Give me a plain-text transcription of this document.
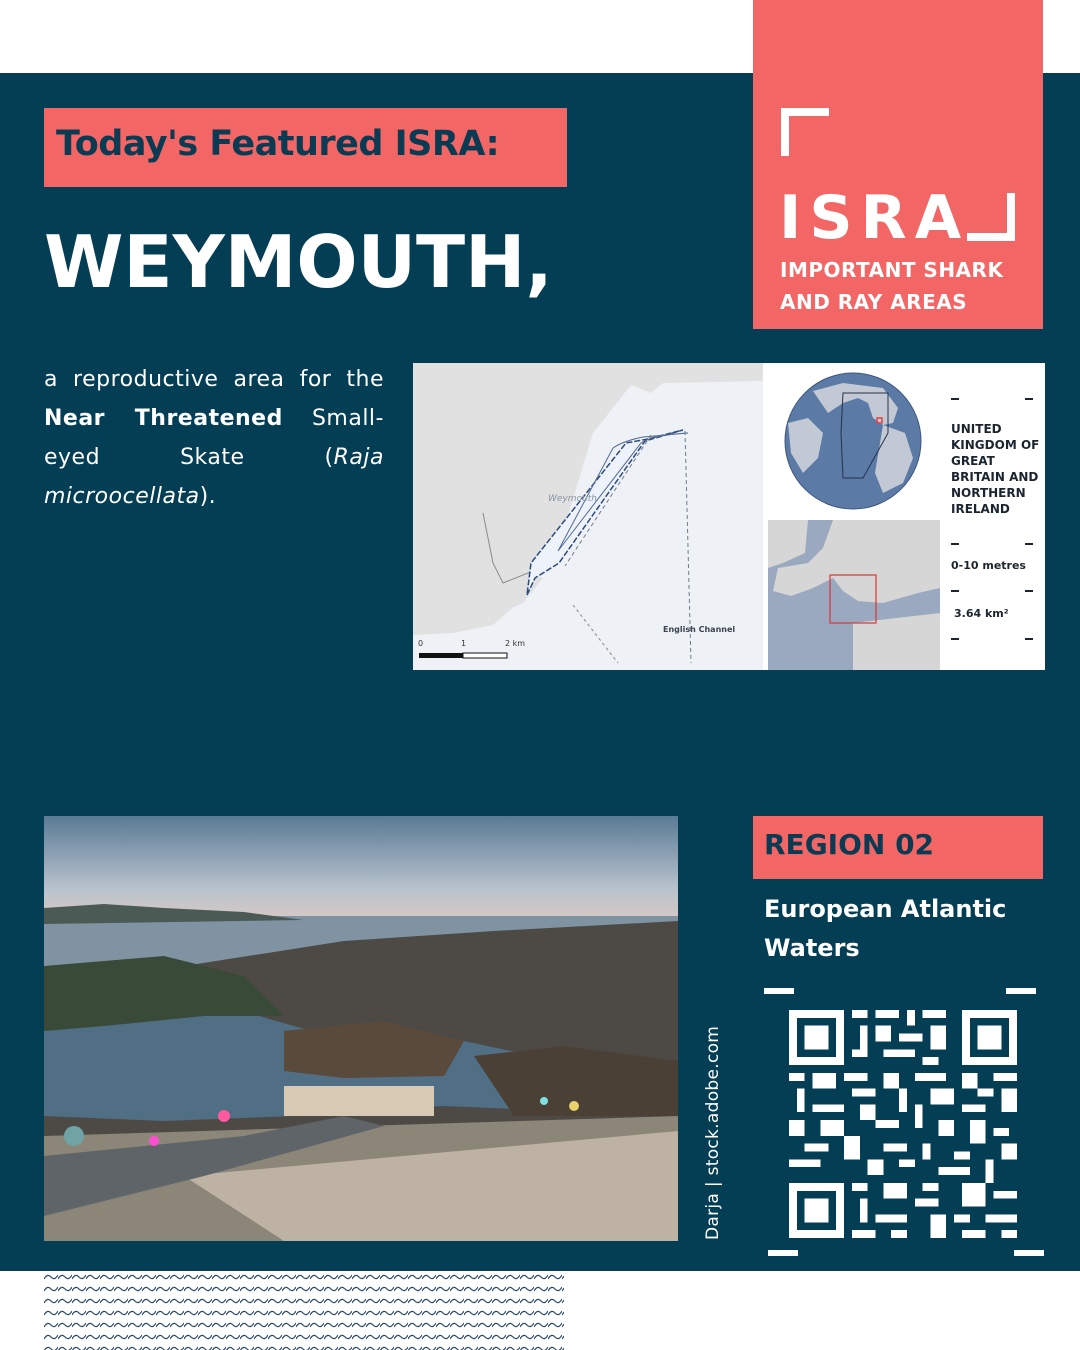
Today's Featured ISRA:
WEYMOUTH,
ISRA
IMPORTANT SHARK
AND RAY AREAS
a reproductive area for the Near Threatened Small-eyed Skate (Raja microocellata).	Weymouth
English Channel
0	1	2 km
UNITED KINGDOM OF GREAT BRITAIN AND NORTHERN IRELAND
0-10 metres
3.64 km²
Darja | stock.adobe.com
REGION 02
European Atlantic Waters
